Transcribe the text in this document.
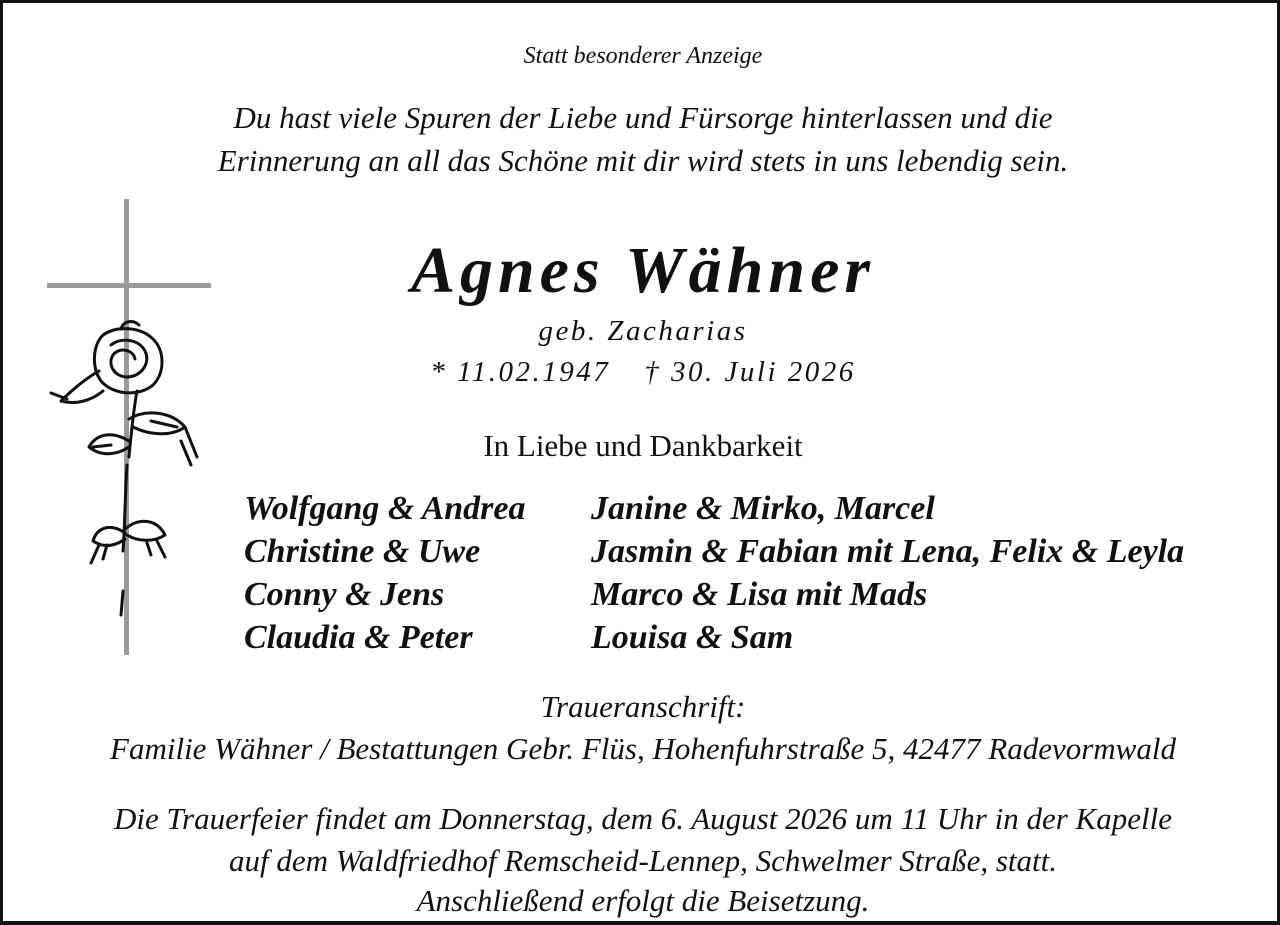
Statt besonderer Anzeige
Du hast viele Spuren der Liebe und Fürsorge hinterlassen und die
Erinnerung an all das Schöne mit dir wird stets in uns lebendig sein.
Agnes Wähner
geb. Zacharias
* 11.02.1947 † 30. Juli 2026
In Liebe und Dankbarkeit
Wolfgang & Andrea
Christine & Uwe
Conny & Jens
Claudia & Peter
Janine & Mirko, Marcel
Jasmin & Fabian mit Lena, Felix & Leyla
Marco & Lisa mit Mads
Louisa & Sam
Traueranschrift:
Familie Wähner / Bestattungen Gebr. Flüs, Hohenfuhrstraße 5, 42477 Radevormwald
Die Trauerfeier findet am Donnerstag, dem 6. August 2026 um 11 Uhr in der Kapelle
auf dem Waldfriedhof Remscheid-Lennep, Schwelmer Straße, statt.
Anschließend erfolgt die Beisetzung.
